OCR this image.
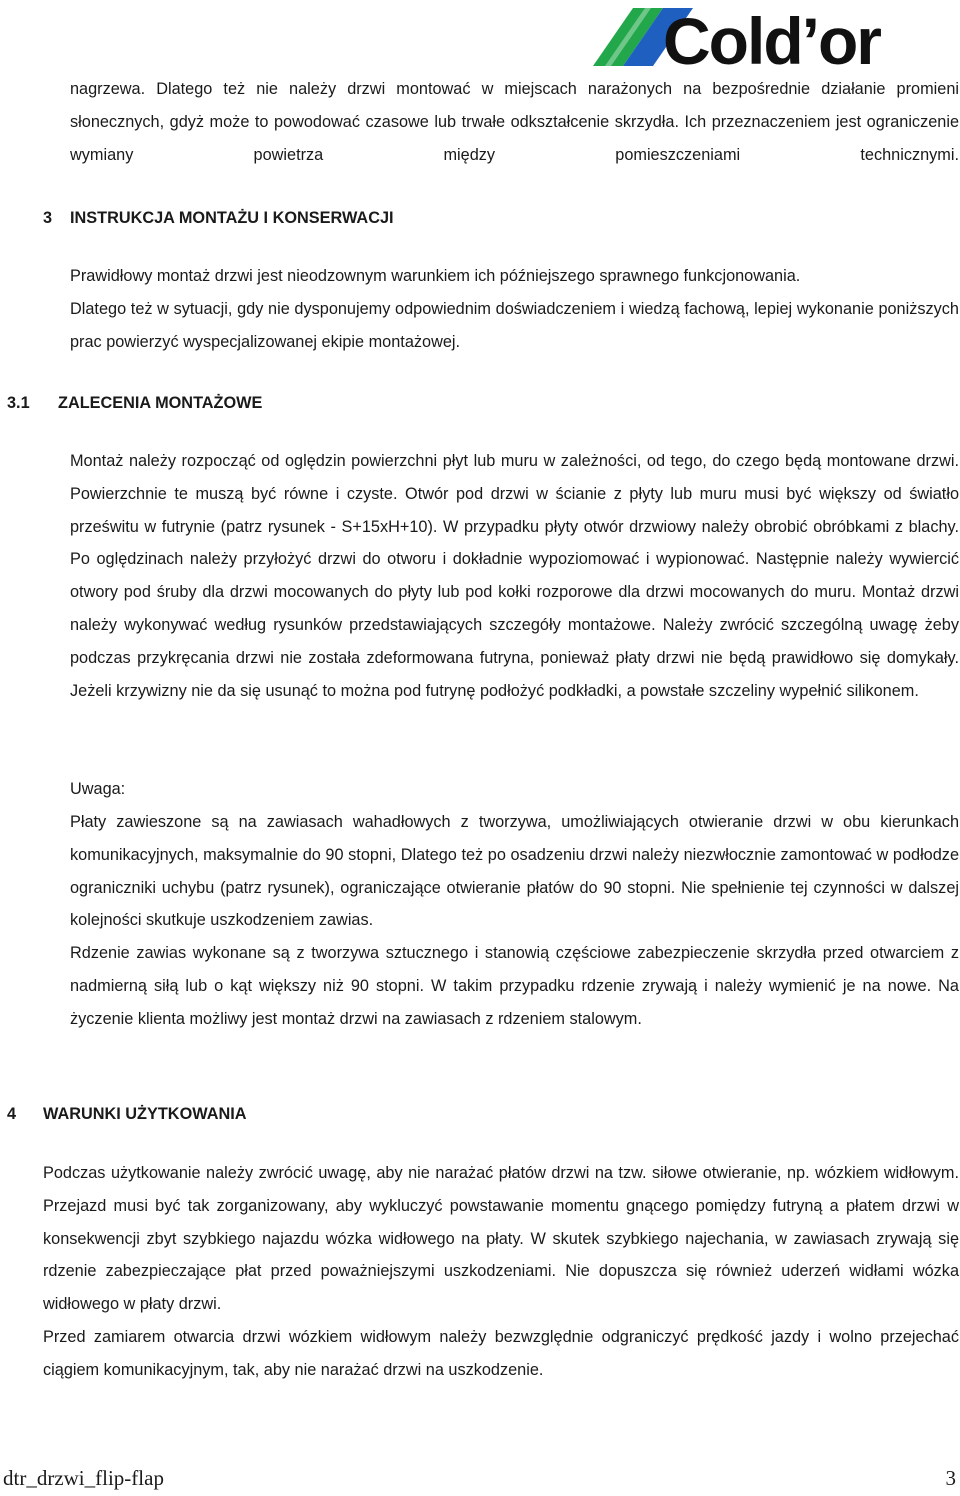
Cold’or

nagrzewa. Dlatego też nie należy drzwi montować w miejscach narażonych na bezpośrednie działanie promieni słonecznych, gdyż może to powodować czasowe lub trwałe odkształcenie skrzydła. Ich przeznaczeniem jest ograniczenie wymiany powietrza między pomieszczeniami technicznymi.

3 INSTRUKCJA MONTAŻU I KONSERWACJI

Prawidłowy montaż drzwi jest nieodzownym warunkiem ich późniejszego sprawnego funkcjonowania.

Dlatego też w sytuacji, gdy nie dysponujemy odpowiednim doświadczeniem i wiedzą fachową, lepiej wykonanie poniższych prac powierzyć wyspecjalizowanej ekipie montażowej.

3.1 ZALECENIA MONTAŻOWE

Montaż należy rozpocząć od oględzin powierzchni płyt lub muru w zależności, od tego, do czego będą montowane drzwi. Powierzchnie te muszą być równe i czyste. Otwór pod drzwi w ścianie z płyty lub muru musi być większy od światło prześwitu w futrynie (patrz rysunek - S+15xH+10). W przypadku płyty otwór drzwiowy należy obrobić obróbkami z blachy. Po oględzinach należy przyłożyć drzwi do otworu i dokładnie wypoziomować i wypionować. Następnie należy wywiercić otwory pod śruby dla drzwi mocowanych do płyty lub pod kołki rozporowe dla drzwi mocowanych do muru. Montaż drzwi należy wykonywać według rysunków przedstawiających szczegóły montażowe. Należy zwrócić szczególną uwagę żeby podczas przykręcania drzwi nie została zdeformowana futryna, ponieważ płaty drzwi nie będą prawidłowo się domykały. Jeżeli krzywizny nie da się usunąć to można pod futrynę podłożyć podkładki, a powstałe szczeliny wypełnić silikonem.

Uwaga:

Płaty zawieszone są na zawiasach wahadłowych z tworzywa, umożliwiających otwieranie drzwi w obu kierunkach komunikacyjnych, maksymalnie do 90 stopni, Dlatego też po osadzeniu drzwi należy niezwłocznie zamontować w podłodze ograniczniki uchybu (patrz rysunek), ograniczające otwieranie płatów do 90 stopni. Nie spełnienie tej czynności w dalszej kolejności skutkuje uszkodzeniem zawias.

Rdzenie zawias wykonane są z tworzywa sztucznego i stanowią częściowe zabezpieczenie skrzydła przed otwarciem z nadmierną siłą lub o kąt większy niż 90 stopni. W takim przypadku rdzenie zrywają i należy wymienić je na nowe. Na życzenie klienta możliwy jest montaż drzwi na zawiasach z rdzeniem stalowym.

4 WARUNKI UŻYTKOWANIA

Podczas użytkowanie należy zwrócić uwagę, aby nie narażać płatów drzwi na tzw. siłowe otwieranie, np. wózkiem widłowym. Przejazd musi być tak zorganizowany, aby wykluczyć powstawanie momentu gnącego pomiędzy futryną a płatem drzwi w konsekwencji zbyt szybkiego najazdu wózka widłowego na płaty. W skutek szybkiego najechania, w zawiasach zrywają się rdzenie zabezpieczające płat przed poważniejszymi uszkodzeniami. Nie dopuszcza się również uderzeń widłami wózka widłowego w płaty drzwi.

Przed zamiarem otwarcia drzwi wózkiem widłowym należy bezwzględnie odgraniczyć prędkość jazdy i wolno przejechać ciągiem komunikacyjnym, tak, aby nie narażać drzwi na uszkodzenie.

dtr_drzwi_flip-flap	3
